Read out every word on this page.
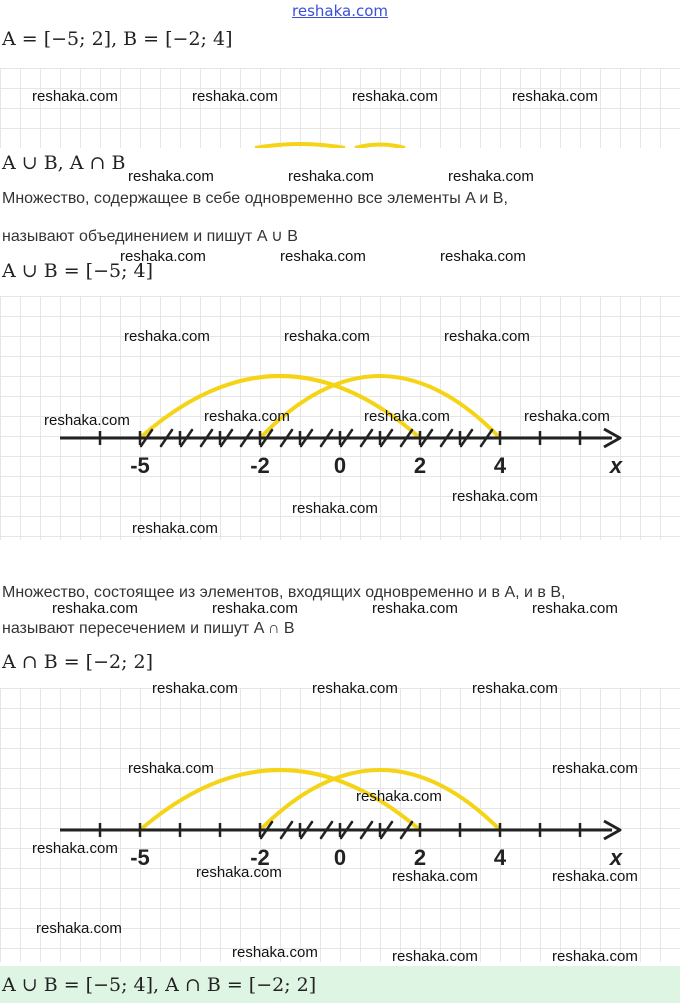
reshaka.com
A = [−5; 2], B = [−2; 4]
A ∪ B, A ∩ B
Множество, содержащее в себе одновременно все элементы A и B,
называют объединением и пишут A ∪ B
A ∪ B = [−5; 4]
-5	-2	0	2	4	x
Множество, состоящее из элементов, входящих одновременно и в A, и в B,
называют пересечением и пишут A ∩ B
A ∩ B = [−2; 2]
-5	-2	0	2	4	x
A ∪ B = [−5; 4], A ∩ B = [−2; 2]
reshaka.com	reshaka.com	reshaka.com	reshaka.com
reshaka.com	reshaka.com	reshaka.com
reshaka.com	reshaka.com	reshaka.com
reshaka.com	reshaka.com	reshaka.com
reshaka.com	reshaka.com	reshaka.com	reshaka.com
reshaka.com
reshaka.com
reshaka.com
reshaka.com	reshaka.com	reshaka.com	reshaka.com
reshaka.com	reshaka.com	reshaka.com
reshaka.com	reshaka.com
reshaka.com
reshaka.com
reshaka.com	reshaka.com	reshaka.com
reshaka.com
reshaka.com	reshaka.com	reshaka.com
